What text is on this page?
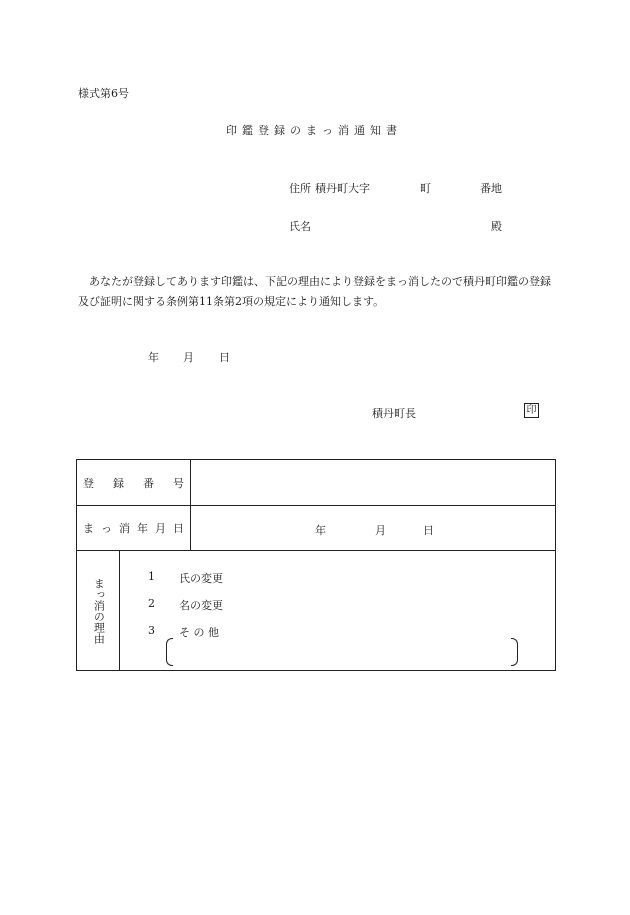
様式第6号
印鑑登録のまっ消通知書
住所 積丹町大字	町	番地
氏名	殿
あなたが登録してあります印鑑は、下記の理由により登録をまっ消したので積丹町印鑑の登録及び証明に関する条例第11条第2項の規定により通知します。
年 月 日
積丹町長	印
登録番号
まっ消年月日	年	月	日
まっ消の理由
1 氏の変更
2 名の変更
3 そ の 他
